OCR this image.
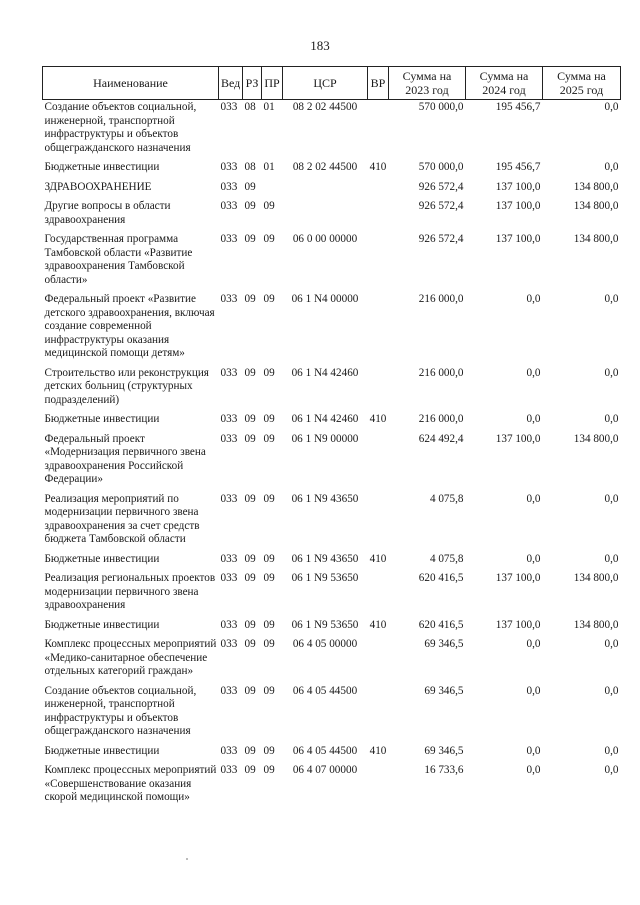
183
Наименование	Вед	РЗ	ПР	ЦСР	ВР	Сумма на 2023 год	Сумма на 2024 год	Сумма на 2025 год
Создание объектов социальной, инженерной, транспортной инфраструктуры и объектов общегражданского назначения	033	08	01	08 2 02 44500		570 000,0	195 456,7	0,0
Бюджетные инвестиции	033	08	01	08 2 02 44500	410	570 000,0	195 456,7	0,0
ЗДРАВООХРАНЕНИЕ	033	09				926 572,4	137 100,0	134 800,0
Другие вопросы в области здравоохранения	033	09	09			926 572,4	137 100,0	134 800,0
Государственная программа Тамбовской области «Развитие здравоохранения Тамбовской области»	033	09	09	06 0 00 00000		926 572,4	137 100,0	134 800,0
Федеральный проект «Развитие детского здравоохранения, включая создание современной инфраструктуры оказания медицинской помощи детям»	033	09	09	06 1 N4 00000		216 000,0	0,0	0,0
Строительство или реконструкция детских больниц (структурных подразделений)	033	09	09	06 1 N4 42460		216 000,0	0,0	0,0
Бюджетные инвестиции	033	09	09	06 1 N4 42460	410	216 000,0	0,0	0,0
Федеральный проект «Модернизация первичного звена здравоохранения Российской Федерации»	033	09	09	06 1 N9 00000		624 492,4	137 100,0	134 800,0
Реализация мероприятий по модернизации первичного звена здравоохранения за счет средств бюджета Тамбовской области	033	09	09	06 1 N9 43650		4 075,8	0,0	0,0
Бюджетные инвестиции	033	09	09	06 1 N9 43650	410	4 075,8	0,0	0,0
Реализация региональных проектов модернизации первичного звена здравоохранения	033	09	09	06 1 N9 53650		620 416,5	137 100,0	134 800,0
Бюджетные инвестиции	033	09	09	06 1 N9 53650	410	620 416,5	137 100,0	134 800,0
Комплекс процессных мероприятий «Медико-санитарное обеспечение отдельных категорий граждан»	033	09	09	06 4 05 00000		69 346,5	0,0	0,0
Создание объектов социальной, инженерной, транспортной инфраструктуры и объектов общегражданского назначения	033	09	09	06 4 05 44500		69 346,5	0,0	0,0
Бюджетные инвестиции	033	09	09	06 4 05 44500	410	69 346,5	0,0	0,0
Комплекс процессных мероприятий «Совершенствование оказания скорой медицинской помощи»	033	09	09	06 4 07 00000		16 733,6	0,0	0,0
